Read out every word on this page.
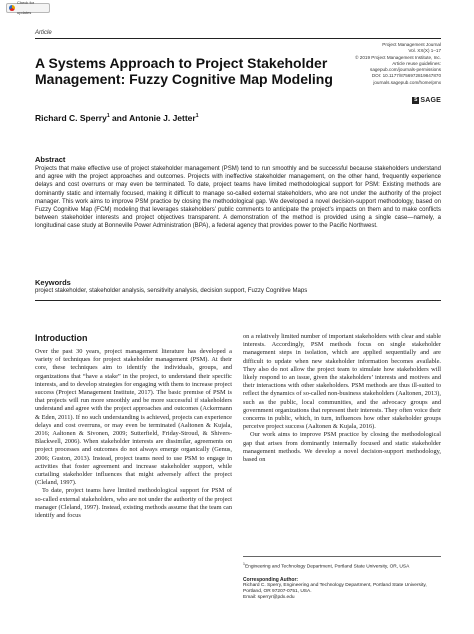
Check for updates
Article
Project Management Journal
Vol. XX(X) 1–17
© 2019 Project Management Institute, Inc.
Article reuse guidelines:
sagepub.com/journals-permissions
DOI: 10.1177/8756972819847870
journals.sagepub.com/home/pmx
S SAGE
A Systems Approach to Project Stakeholder Management: Fuzzy Cognitive Map Modeling
Richard C. Sperry$^1$ and Antonie J. Jetter$^1$
Abstract
Projects that make effective use of project stakeholder management (PSM) tend to run smoothly and be successful because stakeholders understand and agree with the project approaches and outcomes. Projects with ineffective stakeholder management, on the other hand, frequently experience delays and cost overruns or may even be terminated. To date, project teams have limited methodological support for PSM: Existing methods are dominantly static and internally focused, making it difficult to manage so-called external stakeholders, who are not under the authority of the project manager. This work aims to improve PSM practice by closing the methodological gap. We developed a novel decision-support methodology, based on Fuzzy Cognitive Map (FCM) modeling that leverages stakeholders’ public comments to anticipate the project’s impacts on them and to make conflicts between stakeholder interests and project objectives transparent. A demonstration of the method is provided using a single case—namely, a longitudinal case study at Bonneville Power Administration (BPA), a federal agency that provides power to the Pacific Northwest.
Keywords
project stakeholder, stakeholder analysis, sensitivity analysis, decision support, Fuzzy Cognitive Maps
Introduction

Over the past 30 years, project management literature has developed a variety of techniques for project stakeholder management (PSM). At their core, these techniques aim to identify the individuals, groups, and organizations that “have a stake” in the project, to understand their specific interests, and to develop strategies for engaging with them to increase project success (Project Management Institute, 2017). The basic premise of PSM is that projects will run more smoothly and be more successful if stakeholders understand and agree with the project approaches and outcomes (Ackermann & Eden, 2011). If no such understanding is achieved, projects can experience delays and cost overruns, or may even be terminated (Aaltonen & Kujala, 2016; Aaltonen & Sivonen, 2009; Sutterfield, Friday-Stroud, & Shivers-Blackwell, 2006). When stakeholder interests are dissimilar, agreements on project processes and outcomes do not always emerge organically (Genus, 2006; Guston, 2013). Instead, project teams need to use PSM to engage in activities that foster agreement and increase stakeholder support, while curtailing stakeholder influences that might adversely affect the project (Cleland, 1997).

To date, project teams have limited methodological support for PSM of so-called external stakeholders, who are not under the authority of the project manager (Cleland, 1997). Instead, existing methods assume that the team can identify and focus

on a relatively limited number of important stakeholders with clear and stable interests. Accordingly, PSM methods focus on single stakeholder management steps in isolation, which are applied sequentially and are difficult to update when new stakeholder information becomes available. They also do not allow the project team to simulate how stakeholders will likely respond to an issue, given the stakeholders’ interests and motives and their interactions with other stakeholders. PSM methods are thus ill-suited to reflect the dynamics of so-called non-business stakeholders (Aaltonen, 2013), such as the public, local communities, and the advocacy groups and government organizations that represent their interests. They often voice their concerns in public, which, in turn, influences how other stakeholder groups perceive project success (Aaltonen & Kujala, 2016).

Our work aims to improve PSM practice by closing the methodological gap that arises from dominantly internally focused and static stakeholder management methods. We develop a novel decision-support methodology, based on

$^1$Engineering and Technology Department, Portland State University, OR, USA
Corresponding Author:
Richard C. Sperry, Engineering and Technology Department, Portland State University, Portland, OR 97207-0751, USA.
Email: sperryr@pdx.edu
